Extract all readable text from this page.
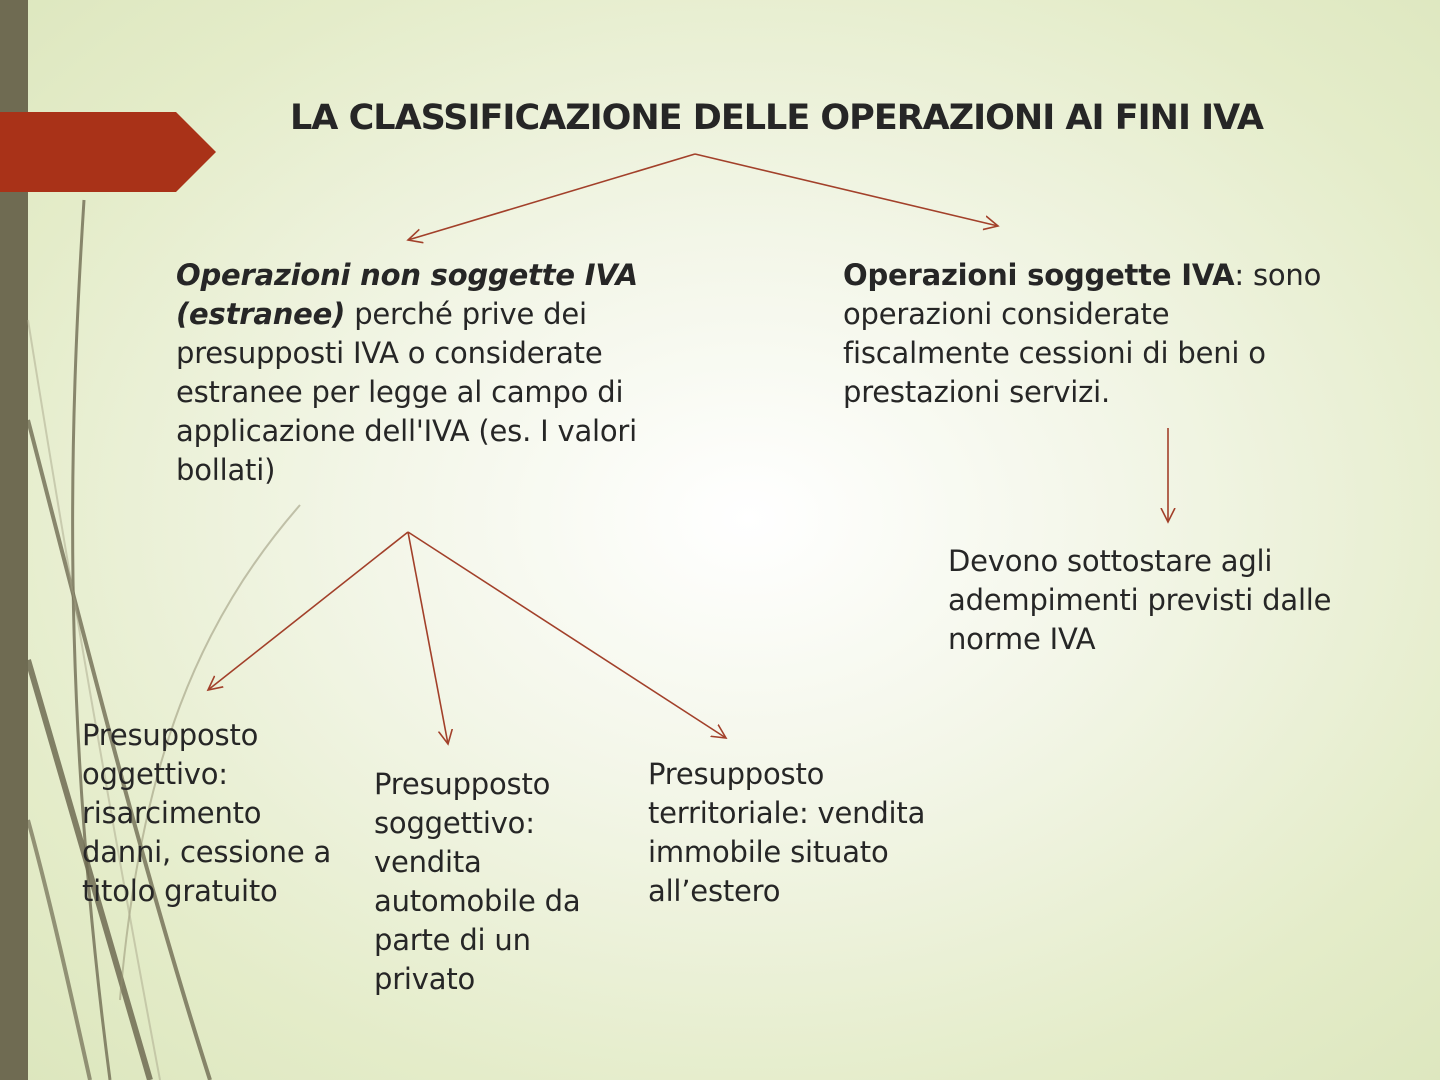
LA CLASSIFICAZIONE DELLE OPERAZIONI AI FINI IVA
Operazioni non soggette IVA (estranee) perché prive dei presupposti IVA o considerate estranee per legge al campo di applicazione dell'IVA (es. I valori bollati)
Operazioni soggette IVA: sono operazioni considerate fiscalmente cessioni di beni o prestazioni servizi.
Devono sottostare agli adempimenti previsti dalle norme IVA
Presupposto oggettivo: risarcimento danni, cessione a titolo gratuito
Presupposto soggettivo: vendita automobile da parte di un privato
Presupposto territoriale: vendita immobile situato all’estero
